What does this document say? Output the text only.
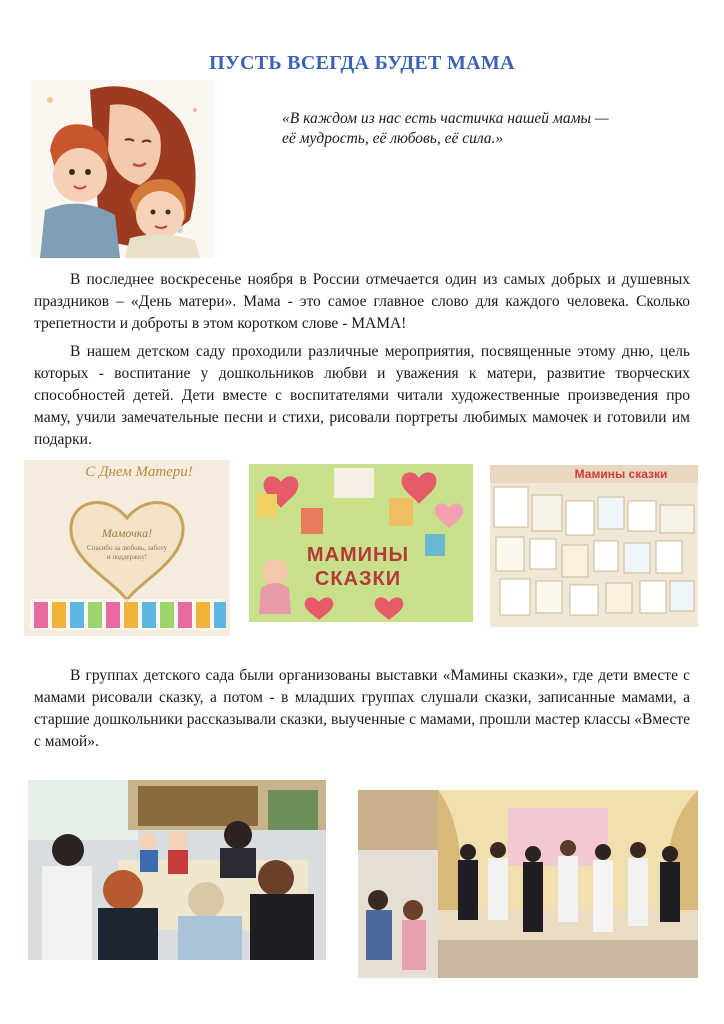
ПУСТЬ ВСЕГДА БУДЕТ МАМА
«В каждом из нас есть частичка нашей мамы —
её мудрость, её любовь, её сила.»
В последнее воскресенье ноября в России отмечается один из самых добрых и душевных праздников – «День матери». Мама - это самое главное слово для каждого человека. Сколько трепетности и доброты в этом коротком слове - МАМА!
В нашем детском саду проходили различные мероприятия, посвященные этому дню, цель которых - воспитание у дошкольников любви и уважения к матери, развитие творческих способностей детей. Дети вместе с воспитателями читали художественные произведения про маму, учили замечательные песни и стихи, рисовали портреты любимых мамочек и готовили им подарки.
С Днем Матери!
Мамочка!
Спасибо за любовь, заботу и поддержку!	МАМИНЫ
СКАЗКИ
Мамины сказки
В группах детского сада были организованы выставки «Мамины сказки», где дети вместе с мамами рисовали сказку, а потом - в младших группах слушали сказки, записанные мамами, а старшие дошкольники рассказывали сказки, выученные с мамами, прошли мастер классы «Вместе с мамой».
